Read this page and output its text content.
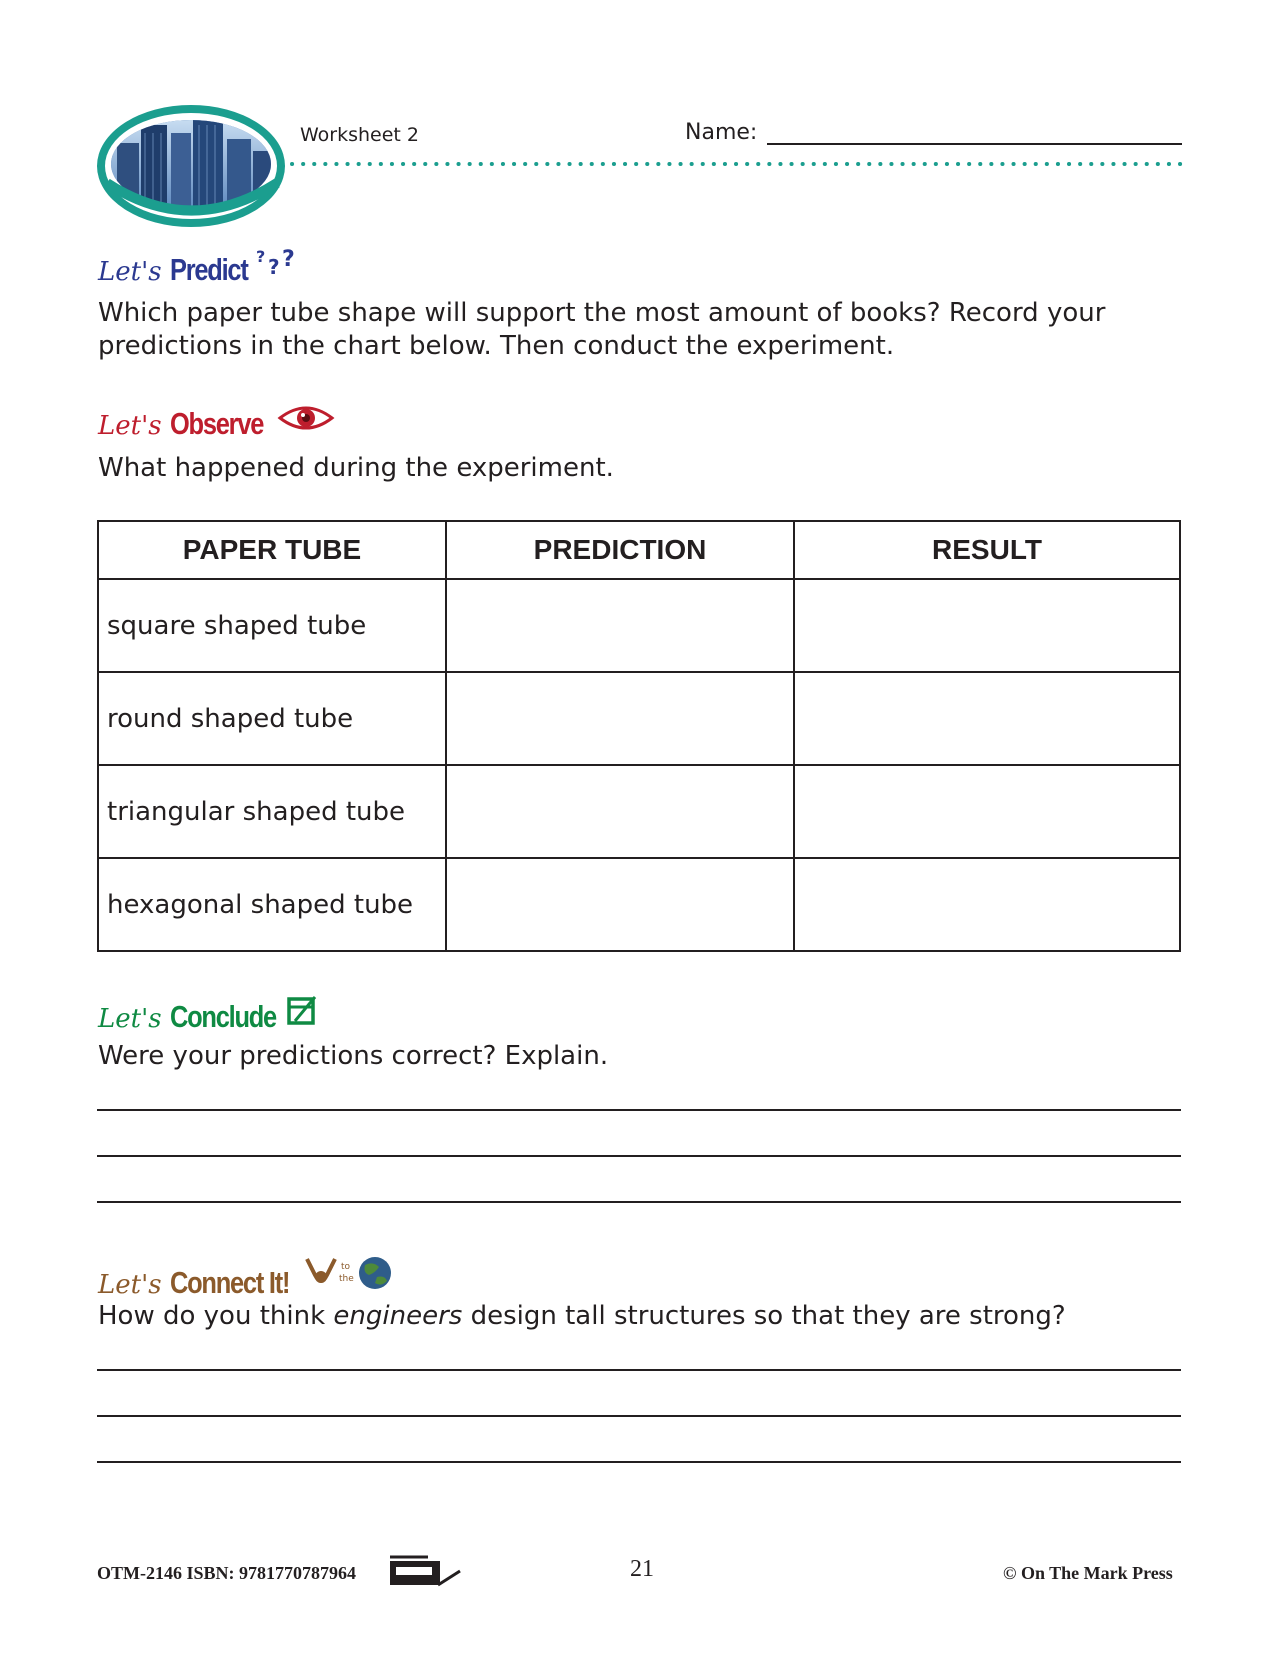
Worksheet 2	Name:
Let's Predict ? ? ?
Which paper tube shape will support the most amount of books? Record your predictions in the chart below. Then conduct the experiment.
Let's Observe
What happened during the experiment.
PAPER TUBE	PREDICTION	RESULT
square shaped tube		
round shaped tube		
triangular shaped tube		
hexagonal shaped tube		
Let's Conclude
Were your predictions correct? Explain.
Let's Connect It!	to
the
How do you think engineers design tall structures so that they are strong?
OTM-2146 ISBN: 9781770787964	21	© On The Mark Press
